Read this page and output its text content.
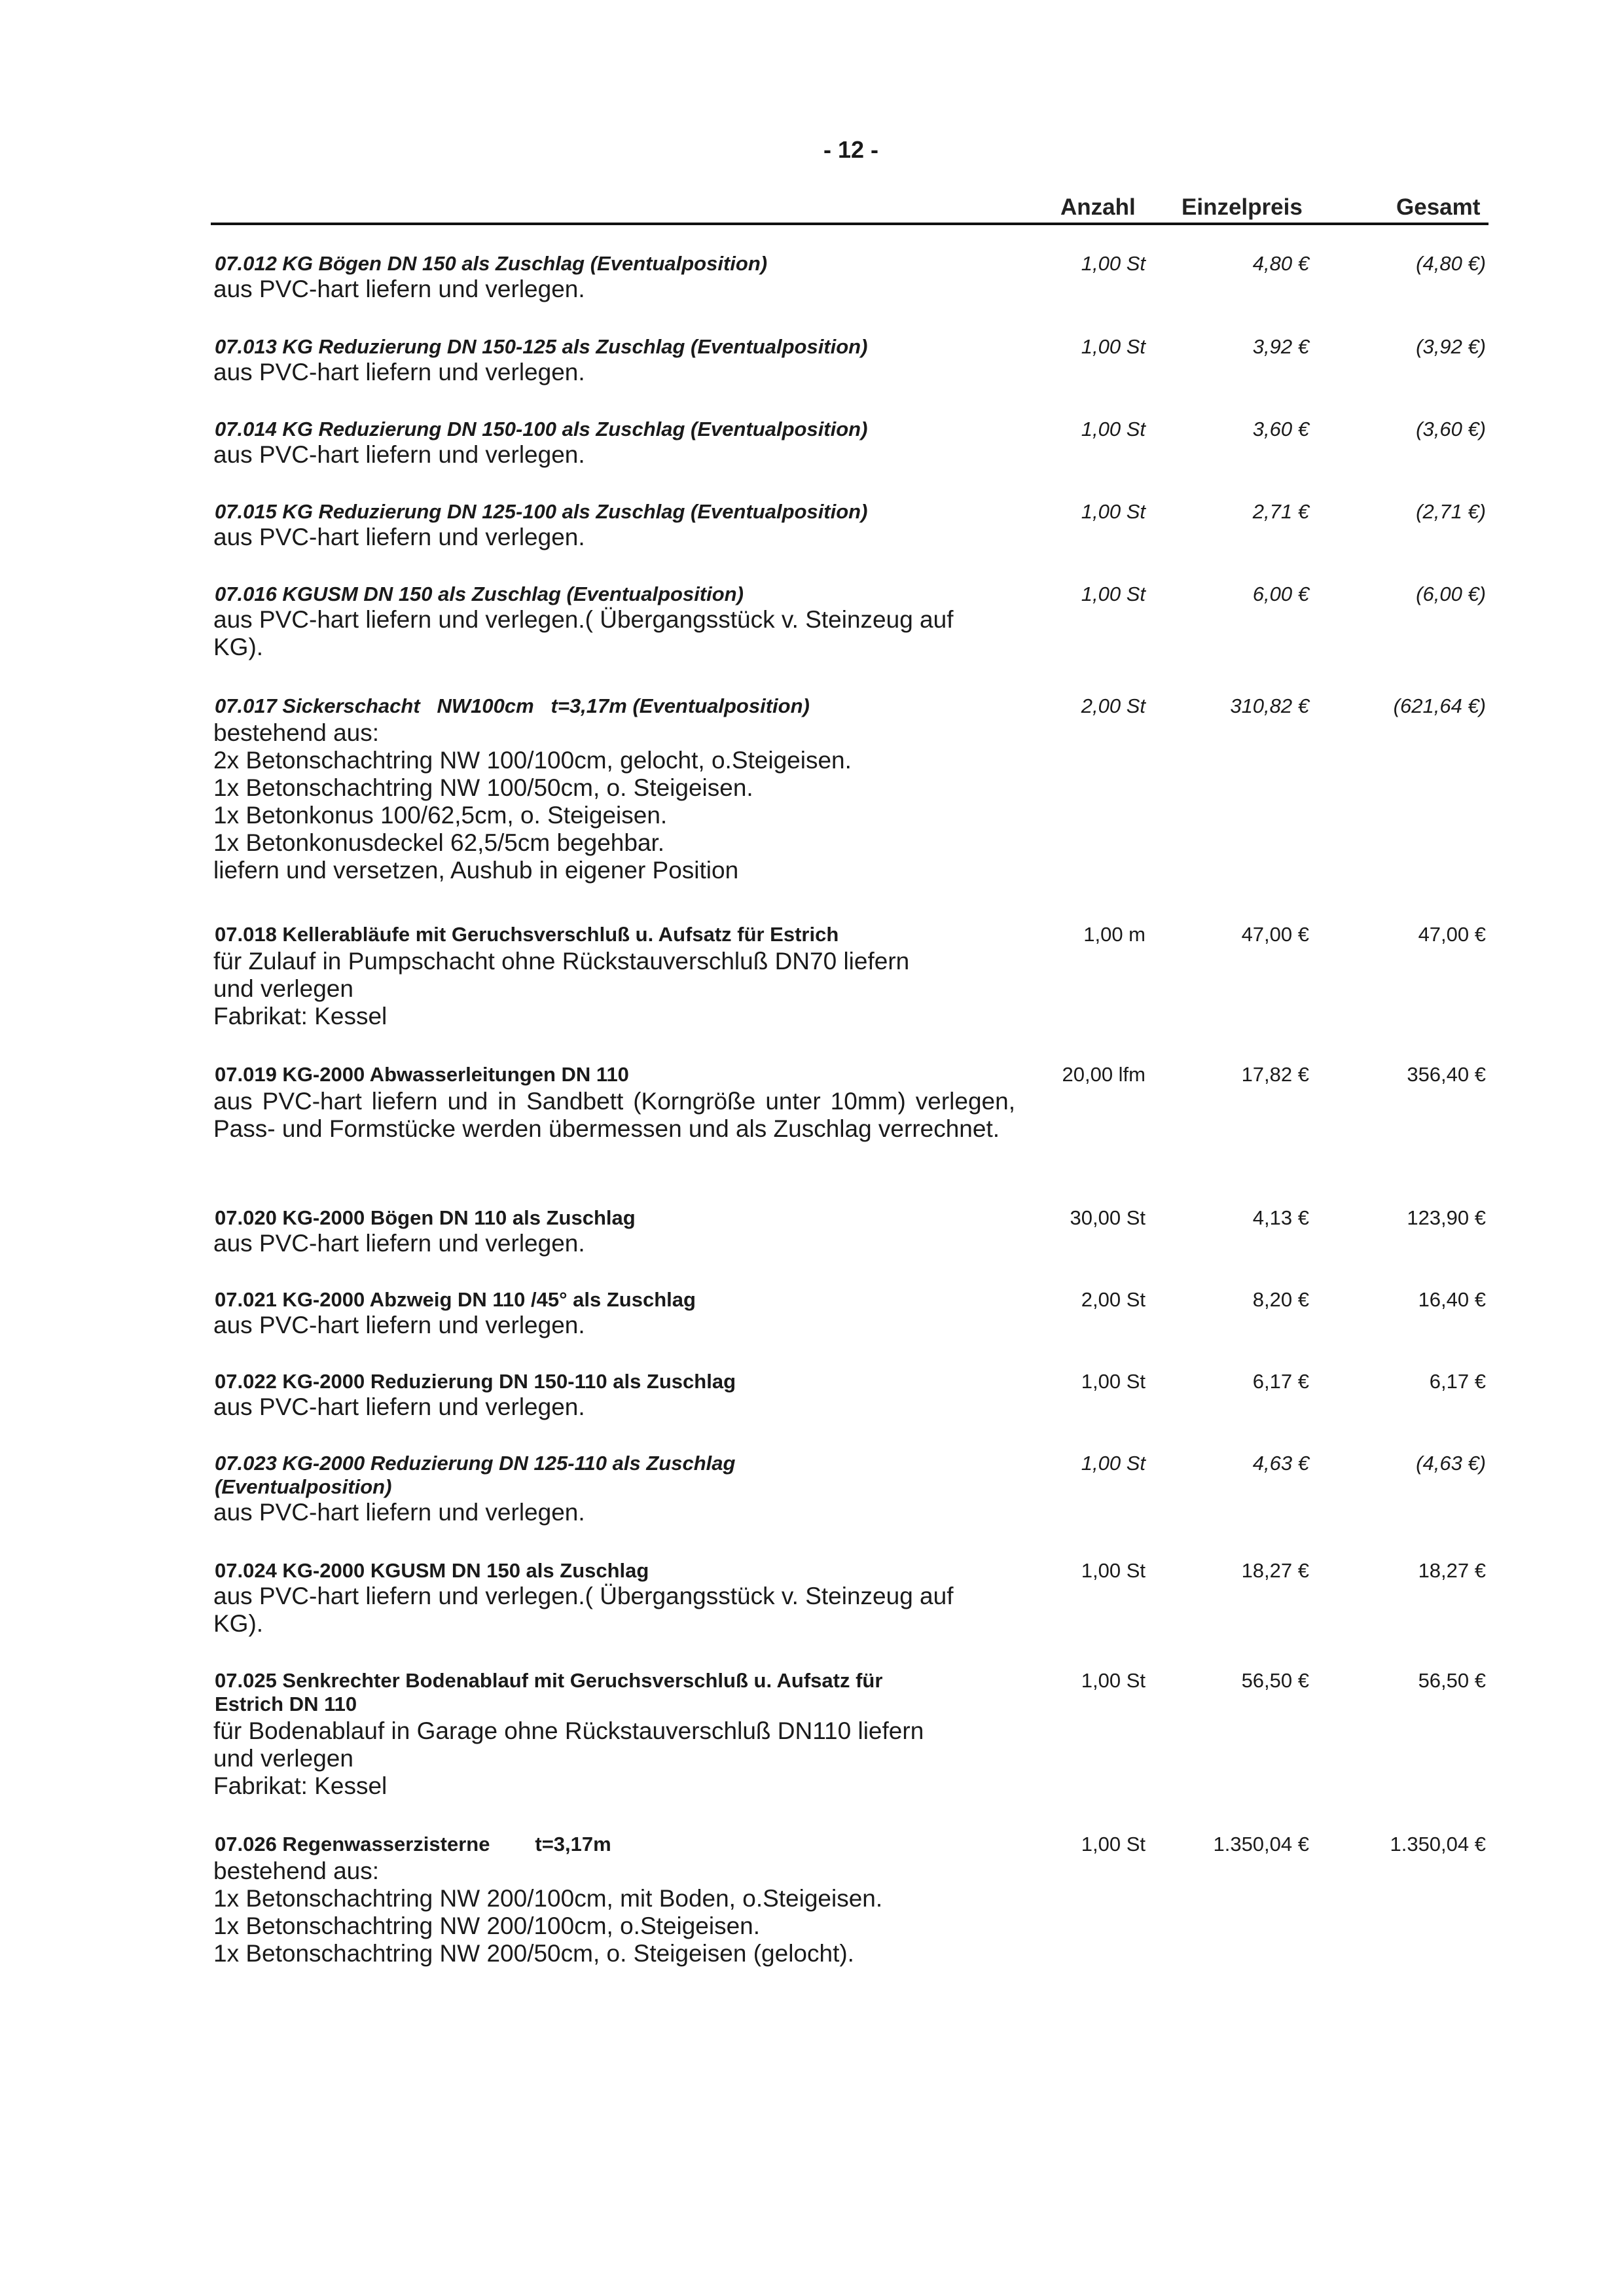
- 12 -
Anzahl Einzelpreis	Gesamt
07.012 KG Bögen DN 150 als Zuschlag (Eventualposition)
aus PVC-hart liefern und verlegen.
1,00 St	4,80 €	(4,80 €)
07.013 KG Reduzierung DN 150-125 als Zuschlag (Eventualposition)
aus PVC-hart liefern und verlegen.
1,00 St	3,92 €	(3,92 €)
07.014 KG Reduzierung DN 150-100 als Zuschlag (Eventualposition)
aus PVC-hart liefern und verlegen.
1,00 St	3,60 €	(3,60 €)
07.015 KG Reduzierung DN 125-100 als Zuschlag (Eventualposition)
aus PVC-hart liefern und verlegen.
1,00 St	2,71 €	(2,71 €)
07.016 KGUSM DN 150 als Zuschlag (Eventualposition)
aus PVC-hart liefern und verlegen.( Übergangsstück v. Steinzeug auf
KG).
1,00 St	6,00 €	(6,00 €)
07.017 Sickerschacht   NW100cm   t=3,17m (Eventualposition)
bestehend aus:
2x Betonschachtring NW 100/100cm, gelocht, o.Steigeisen.
1x Betonschachtring NW 100/50cm, o. Steigeisen.
1x Betonkonus 100/62,5cm, o. Steigeisen.
1x Betonkonusdeckel 62,5/5cm begehbar.
liefern und versetzen, Aushub in eigener Position
2,00 St	310,82 €	(621,64 €)
07.018 Kellerabläufe mit Geruchsverschluß u. Aufsatz für Estrich
für Zulauf in Pumpschacht ohne Rückstauverschluß DN70 liefern
und verlegen
Fabrikat: Kessel
1,00 m	47,00 €	47,00 €
07.019 KG-2000 Abwasserleitungen DN 110
aus PVC-hart liefern und in Sandbett (Korngröße unter 10mm) verlegen, Pass- und Formstücke werden übermessen und als Zuschlag verrechnet.
20,00 lfm	17,82 €	356,40 €
07.020 KG-2000 Bögen DN 110 als Zuschlag
aus PVC-hart liefern und verlegen.
30,00 St	4,13 €	123,90 €
07.021 KG-2000 Abzweig DN 110 /45° als Zuschlag
aus PVC-hart liefern und verlegen.
2,00 St	8,20 €	16,40 €
07.022 KG-2000 Reduzierung DN 150-110 als Zuschlag
aus PVC-hart liefern und verlegen.
1,00 St	6,17 €	6,17 €
07.023 KG-2000 Reduzierung DN 125-110 als Zuschlag
(Eventualposition)
aus PVC-hart liefern und verlegen.
1,00 St	4,63 €	(4,63 €)
07.024 KG-2000 KGUSM DN 150 als Zuschlag
aus PVC-hart liefern und verlegen.( Übergangsstück v. Steinzeug auf
KG).
1,00 St	18,27 €	18,27 €
07.025 Senkrechter Bodenablauf mit Geruchsverschluß u. Aufsatz für
Estrich DN 110
für Bodenablauf in Garage ohne Rückstauverschluß DN110 liefern
und verlegen
Fabrikat: Kessel
1,00 St	56,50 €	56,50 €
07.026 Regenwasserzisterne        t=3,17m
bestehend aus:
1x Betonschachtring NW 200/100cm, mit Boden, o.Steigeisen.
1x Betonschachtring NW 200/100cm, o.Steigeisen.
1x Betonschachtring NW 200/50cm, o. Steigeisen (gelocht).
1,00 St	1.350,04 €	1.350,04 €
